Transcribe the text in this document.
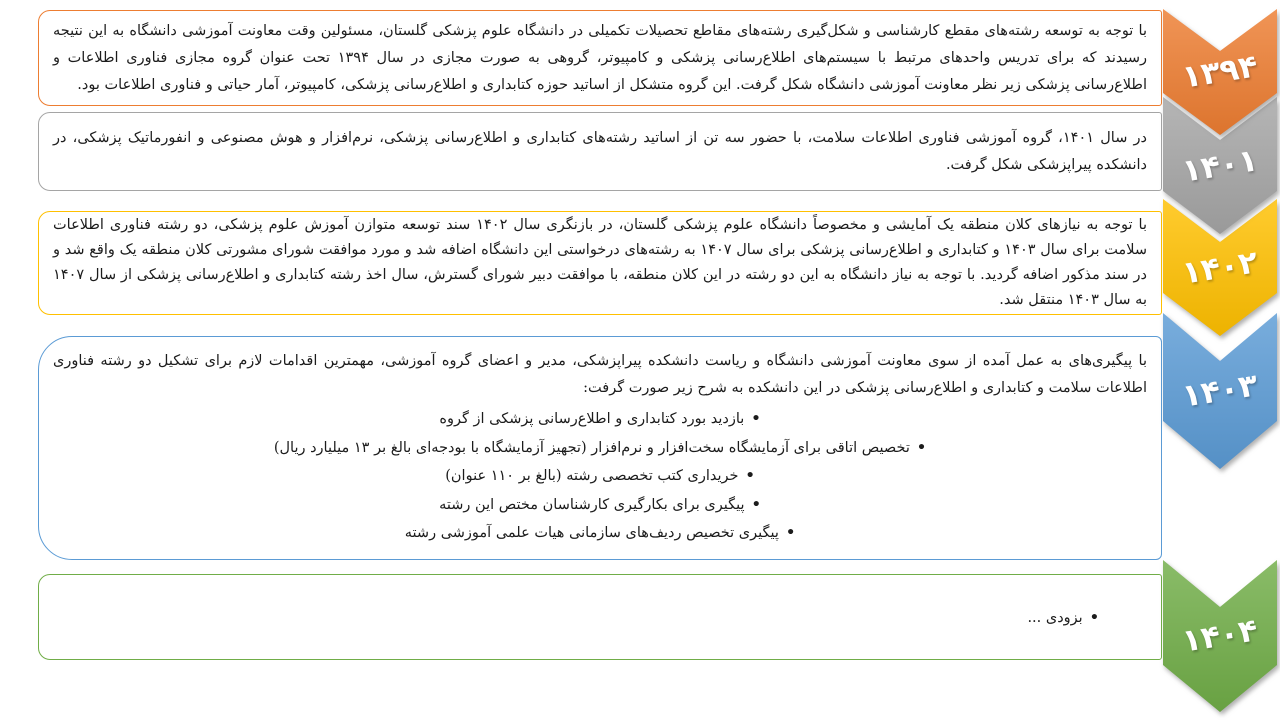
با توجه به توسعه رشته‌های مقطع کارشناسی و شکل‌گیری رشته‌های مقاطع تحصیلات تکمیلی در دانشگاه علوم پزشکی گلستان، مسئولین وقت معاونت آموزشی دانشگاه به این نتیجه رسیدند که برای تدریس واحدهای مرتبط با سیستم‌های اطلاع‌رسانی پزشکی و کامپیوتر، گروهی به صورت مجازی در سال ۱۳۹۴ تحت عنوان گروه مجازی فناوری اطلاعات و اطلاع‌رسانی پزشکی زیر نظر معاونت آموزشی دانشگاه شکل گرفت. این گروه متشکل از اساتید حوزه کتابداری و اطلاع‌رسانی پزشکی، کامپیوتر، آمار حیاتی و فناوری اطلاعات بود.
در سال ۱۴۰۱، گروه آموزشی فناوری اطلاعات سلامت، با حضور سه تن از اساتید رشته‌های کتابداری و اطلاع‌رسانی پزشکی، نرم‌افزار و هوش مصنوعی و انفورماتیک پزشکی، در دانشکده پیراپزشکی شکل گرفت.
با توجه به نیازهای کلان منطقه یک آمایشی و مخصوصاً دانشگاه علوم پزشکی گلستان، در بازنگری سال ۱۴۰۲ سند توسعه متوازن آموزش علوم پزشکی، دو رشته فناوری اطلاعات سلامت برای سال ۱۴۰۳ و کتابداری و اطلاع‌رسانی پزشکی برای سال ۱۴۰۷ به رشته‌های درخواستی این دانشگاه اضافه شد و مورد موافقت شورای مشورتی کلان منطقه یک واقع شد و در سند مذکور اضافه گردید. با توجه به نیاز دانشگاه به این دو رشته در این کلان منطقه، با موافقت دبیر شورای گسترش، سال اخذ رشته کتابداری و اطلاع‌رسانی پزشکی از سال ۱۴۰۷ به سال ۱۴۰۳ منتقل شد.
با پیگیری‌های به عمل آمده از سوی معاونت آموزشی دانشگاه و ریاست دانشکده پیراپزشکی، مدیر و اعضای گروه آموزشی، مهمترین اقدامات لازم برای تشکیل دو رشته فناوری اطلاعات سلامت و کتابداری و اطلاع‌رسانی پزشکی در این دانشکده به شرح زیر صورت گرفت:
•بازدید بورد کتابداری و اطلاع‌رسانی پزشکی از گروه
•تخصیص اتاقی برای آزمایشگاه سخت‌افزار و نرم‌افزار (تجهیز آزمایشگاه با بودجه‌ای بالغ بر ۱۳ میلیارد ریال)
•خریداری کتب تخصصی رشته (بالغ بر ۱۱۰ عنوان)
•پیگیری برای بکارگیری کارشناسان مختص این رشته
•پیگیری تخصیص ردیف‌های سازمانی هیات علمی آموزشی رشته
•بزودی ...
۱۳۹۴
۱۴۰۱
۱۴۰۲
۱۴۰۳
۱۴۰۴
